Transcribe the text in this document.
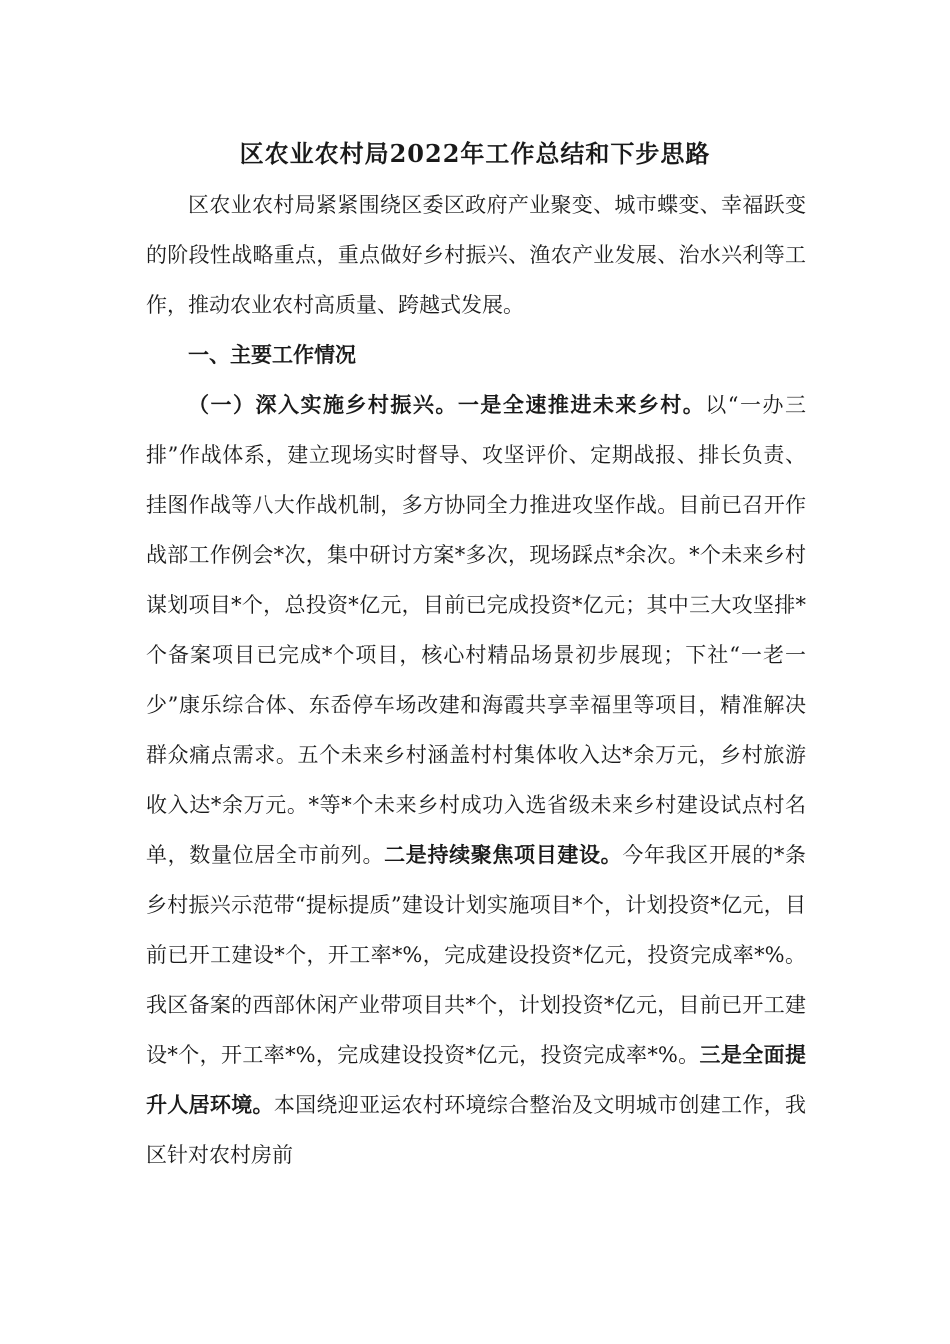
区农业农村局2022年工作总结和下步思路

区农业农村局紧紧围绕区委区政府产业聚变、城市蝶变、幸福跃变的阶段性战略重点，重点做好乡村振兴、渔农产业发展、治水兴利等工作，推动农业农村高质量、跨越式发展。

一、主要工作情况

（一）深入实施乡村振兴。一是全速推进未来乡村。以“一办三排”作战体系，建立现场实时督导、攻坚评价、定期战报、排长负责、挂图作战等八大作战机制，多方协同全力推进攻坚作战。目前已召开作战部工作例会*次，集中研讨方案*多次，现场踩点*余次。*个未来乡村谋划项目*个，总投资*亿元，目前已完成投资*亿元；其中三大攻坚排*个备案项目已完成*个项目，核心村精品场景初步展现；下社“一老一少”康乐综合体、东岙停车场改建和海霞共享幸福里等项目，精准解决群众痛点需求。五个未来乡村涵盖村村集体收入达*余万元，乡村旅游收入达*余万元。*等*个未来乡村成功入选省级未来乡村建设试点村名单，数量位居全市前列。二是持续聚焦项目建设。今年我区开展的*条乡村振兴示范带“提标提质”建设计划实施项目*个，计划投资*亿元，目前已开工建设*个，开工率*%，完成建设投资*亿元，投资完成率*%。我区备案的西部休闲产业带项目共*个，计划投资*亿元，目前已开工建设*个，开工率*%，完成建设投资*亿元，投资完成率*%。三是全面提升人居环境。本国绕迎亚运农村环境综合整治及文明城市创建工作，我区针对农村房前
